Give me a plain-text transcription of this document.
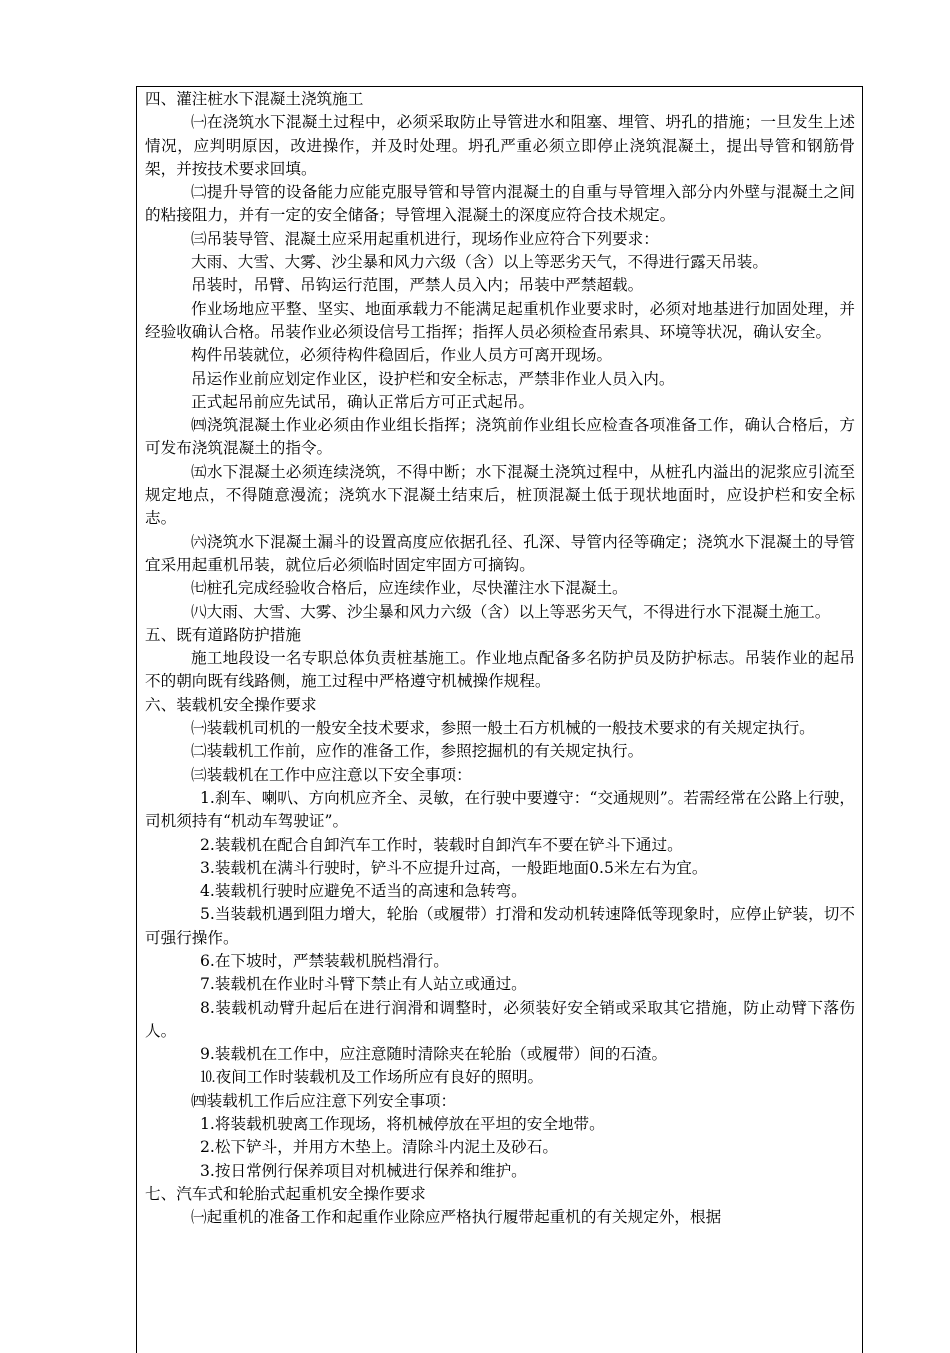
四、灌注桩水下混凝土浇筑施工

㈠在浇筑水下混凝土过程中，必须采取防止导管进水和阻塞、埋管、坍孔的措施；一旦发生上述情况，应判明原因，改进操作，并及时处理。坍孔严重必须立即停止浇筑混凝土，提出导管和钢筋骨架，并按技术要求回填。

㈡提升导管的设备能力应能克服导管和导管内混凝土的自重与导管埋入部分内外壁与混凝土之间的粘接阻力，并有一定的安全储备；导管埋入混凝土的深度应符合技术规定。

㈢吊装导管、混凝土应采用起重机进行，现场作业应符合下列要求：

大雨、大雪、大雾、沙尘暴和风力六级（含）以上等恶劣天气，不得进行露天吊装。

吊装时，吊臂、吊钩运行范围，严禁人员入内；吊装中严禁超载。

作业场地应平整、坚实、地面承载力不能满足起重机作业要求时，必须对地基进行加固处理，并经验收确认合格。吊装作业必须设信号工指挥；指挥人员必须检查吊索具、环境等状况，确认安全。

构件吊装就位，必须待构件稳固后，作业人员方可离开现场。

吊运作业前应划定作业区，设护栏和安全标志，严禁非作业人员入内。

正式起吊前应先试吊，确认正常后方可正式起吊。

㈣浇筑混凝土作业必须由作业组长指挥；浇筑前作业组长应检查各项准备工作，确认合格后，方可发布浇筑混凝土的指令。

㈤水下混凝土必须连续浇筑，不得中断；水下混凝土浇筑过程中，从桩孔内溢出的泥浆应引流至规定地点，不得随意漫流；浇筑水下混凝土结束后，桩顶混凝土低于现状地面时，应设护栏和安全标志。

㈥浇筑水下混凝土漏斗的设置高度应依据孔径、孔深、导管内径等确定；浇筑水下混凝土的导管宜采用起重机吊装，就位后必须临时固定牢固方可摘钩。

㈦桩孔完成经验收合格后，应连续作业，尽快灌注水下混凝土。

㈧大雨、大雪、大雾、沙尘暴和风力六级（含）以上等恶劣天气，不得进行水下混凝土施工。

五、既有道路防护措施

施工地段设一名专职总体负责桩基施工。作业地点配备多名防护员及防护标志。吊装作业的起吊不的朝向既有线路侧，施工过程中严格遵守机械操作规程。

六、装载机安全操作要求

㈠装载机司机的一般安全技术要求，参照一般土石方机械的一般技术要求的有关规定执行。

㈡装载机工作前，应作的准备工作，参照挖掘机的有关规定执行。

㈢装载机在工作中应注意以下安全事项：

1.刹车、喇叭、方向机应齐全、灵敏，在行驶中要遵守：“交通规则”。若需经常在公路上行驶，司机须持有“机动车驾驶证”。

2.装载机在配合自卸汽车工作时，装载时自卸汽车不要在铲斗下通过。

3.装载机在满斗行驶时，铲斗不应提升过高，一般距地面0.5米左右为宜。

4.装载机行驶时应避免不适当的高速和急转弯。

5.当装载机遇到阻力增大，轮胎（或履带）打滑和发动机转速降低等现象时，应停止铲装，切不可强行操作。

6.在下坡时，严禁装载机脱档滑行。

7.装载机在作业时斗臂下禁止有人站立或通过。

8.装载机动臂升起后在进行润滑和调整时，必须装好安全销或采取其它措施，防止动臂下落伤人。

9.装载机在工作中，应注意随时清除夹在轮胎（或履带）间的石渣。

⒑夜间工作时装载机及工作场所应有良好的照明。

㈣装载机工作后应注意下列安全事项：

1.将装载机驶离工作现场，将机械停放在平坦的安全地带。

2.松下铲斗，并用方木垫上。清除斗内泥土及砂石。

3.按日常例行保养项目对机械进行保养和维护。

七、汽车式和轮胎式起重机安全操作要求

㈠起重机的准备工作和起重作业除应严格执行履带起重机的有关规定外，根据
